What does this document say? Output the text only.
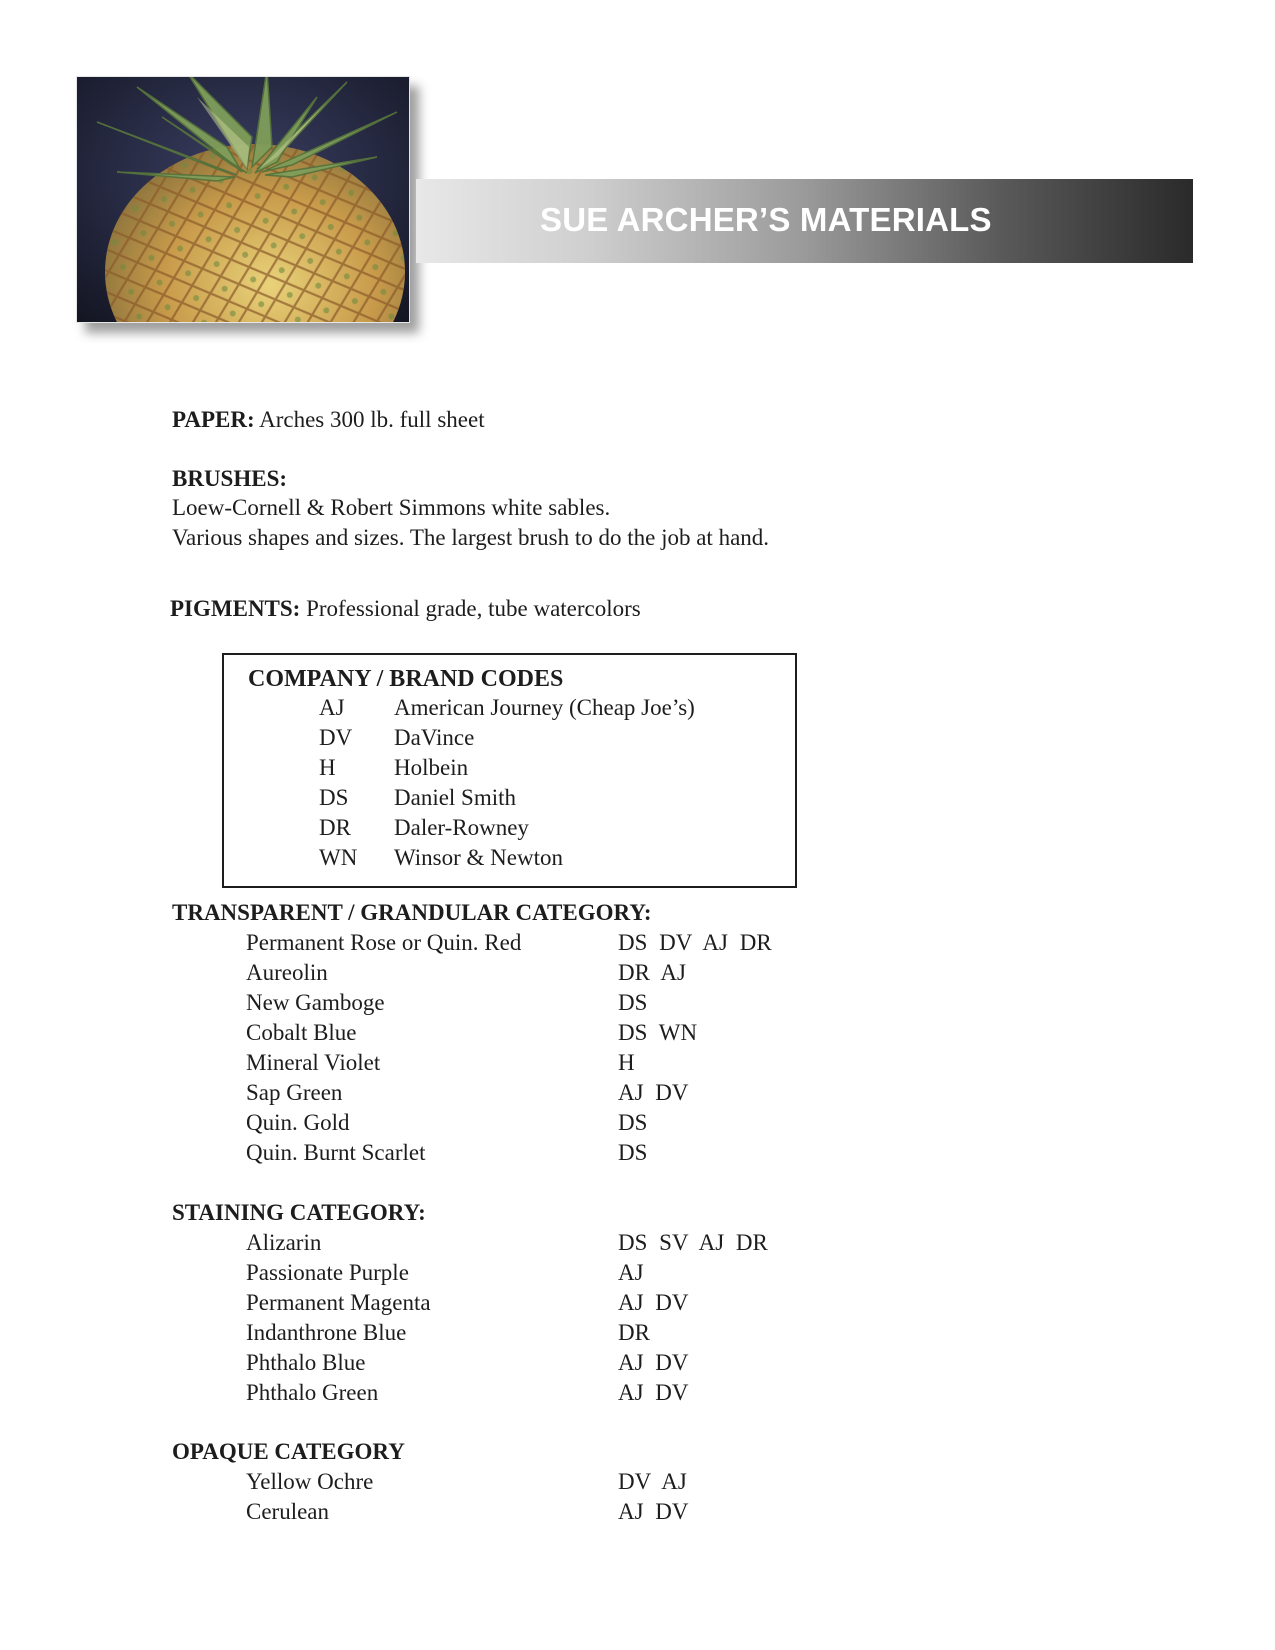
SUE ARCHER’S MATERIALS
PAPER: Arches 300 lb. full sheet
BRUSHES:
Loew-Cornell & Robert Simmons white sables.
Various shapes and sizes. The largest brush to do the job at hand.
PIGMENTS: Professional grade, tube watercolors
COMPANY / BRAND CODES
AJ American Journey (Cheap Joe’s)
DV DaVince
H	Holbein
DS Daniel Smith
DR Daler-Rowney
WN Winsor & Newton
TRANSPARENT / GRANDULAR CATEGORY:
Permanent Rose or Quin. Red	DS DV AJ DR
Aureolin	DR AJ
New Gamboge	DS
Cobalt Blue	DS WN
Mineral Violet	H
Sap Green	AJ DV
Quin. Gold	DS
Quin. Burnt Scarlet	DS
STAINING CATEGORY:
Alizarin	DS SV AJ DR
Passionate Purple	AJ
Permanent Magenta	AJ DV
Indanthrone Blue	DR
Phthalo Blue	AJ DV
Phthalo Green	AJ DV
OPAQUE CATEGORY
Yellow Ochre	DV AJ
Cerulean	AJ DV
